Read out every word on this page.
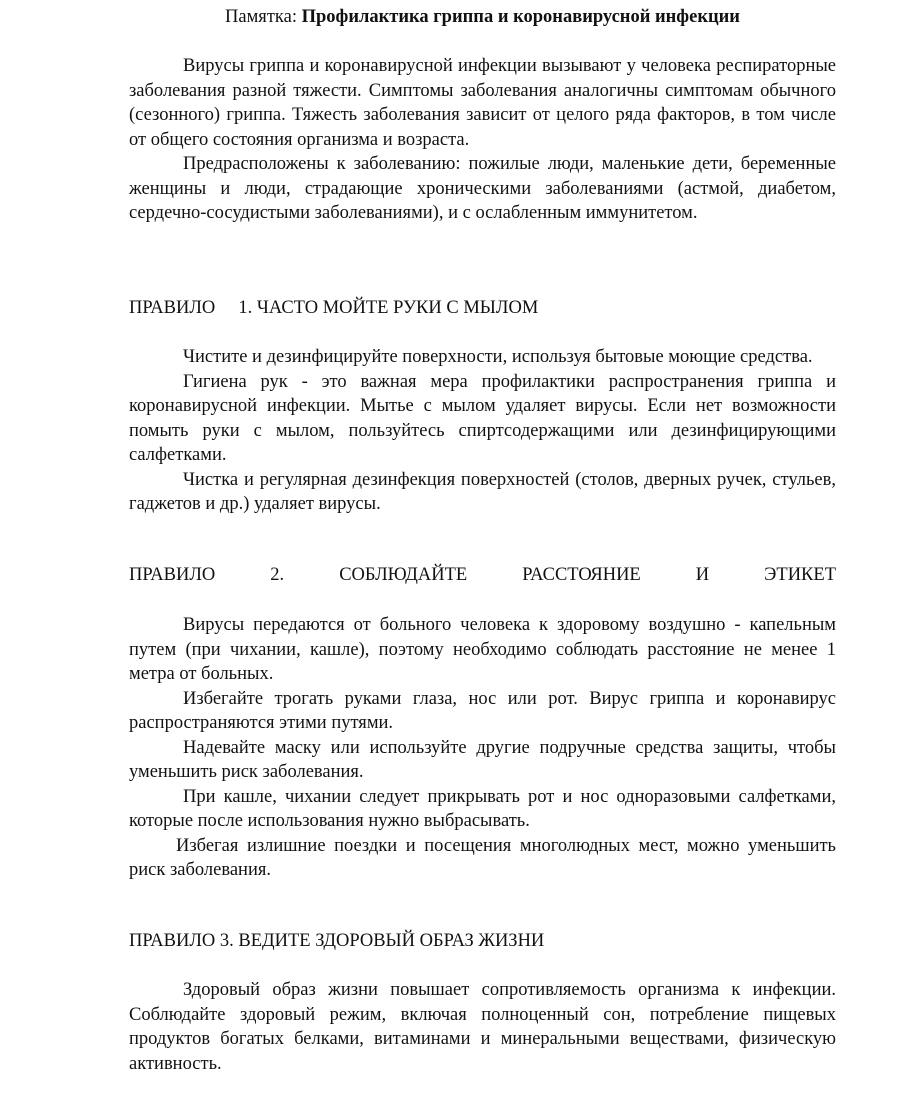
Памятка: Профилактика гриппа и коронавирусной инфекции

Вирусы гриппа и коронавирусной инфекции вызывают у человека респираторные заболевания разной тяжести. Симптомы заболевания аналогичны симптомам обычного (сезонного) гриппа. Тяжесть заболевания зависит от целого ряда факторов, в том числе от общего состояния организма и возраста.

Предрасположены к заболеванию: пожилые люди, маленькие дети, беременные женщины и люди, страдающие хроническими заболеваниями (астмой, диабетом, сердечно-сосудистыми заболеваниями), и с ослабленным иммунитетом.

ПРАВИЛО     1. ЧАСТО МОЙТЕ РУКИ С МЫЛОМ

Чистите и дезинфицируйте поверхности, используя бытовые моющие средства.

Гигиена рук - это важная мера профилактики распространения гриппа и коронавирусной инфекции. Мытье с мылом удаляет вирусы. Если нет возможности помыть руки с мылом, пользуйтесь спиртсодержащими или дезинфицирующими салфетками.

Чистка и регулярная дезинфекция поверхностей (столов, дверных ручек, стульев, гаджетов и др.) удаляет вирусы.

ПРАВИЛО 2. СОБЛЮДАЙТЕ РАССТОЯНИЕ И ЭТИКЕТ

Вирусы передаются от больного человека к здоровому воздушно - капельным путем (при чихании, кашле), поэтому необходимо соблюдать расстояние не менее 1 метра от больных.

Избегайте трогать руками глаза, нос или рот. Вирус гриппа и коронавирус распространяются этими путями.

Надевайте маску или используйте другие подручные средства защиты, чтобы уменьшить риск заболевания.

При кашле, чихании следует прикрывать рот и нос одноразовыми салфетками, которые после использования нужно выбрасывать.

Избегая излишние поездки и посещения многолюдных мест, можно уменьшить риск заболевания.

ПРАВИЛО 3. ВЕДИТЕ ЗДОРОВЫЙ ОБРАЗ ЖИЗНИ

Здоровый образ жизни повышает сопротивляемость организма к инфекции. Соблюдайте здоровый режим, включая полноценный сон, потребление пищевых продуктов богатых белками, витаминами и минеральными веществами, физическую активность.
